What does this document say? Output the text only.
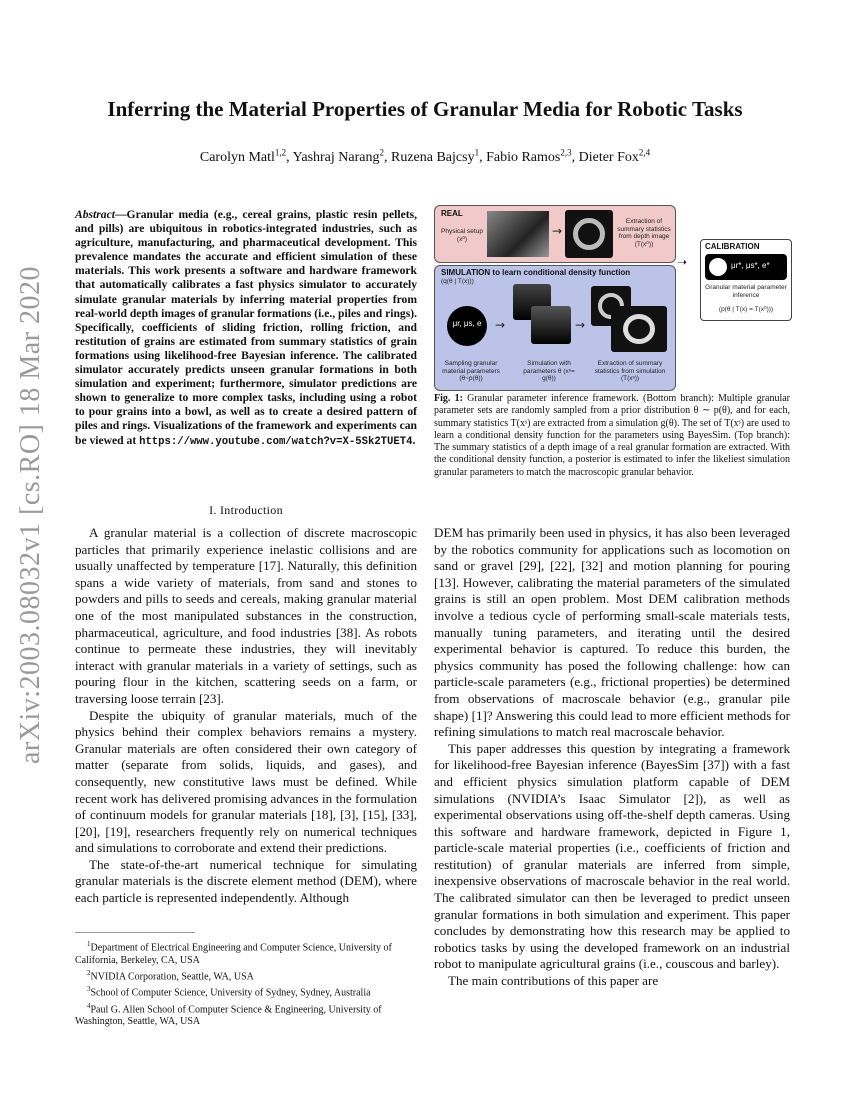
arXiv:2003.08032v1 [cs.RO] 18 Mar 2020
Inferring the Material Properties of Granular Media for Robotic Tasks
Carolyn Matl$^{1,2}$, Yashraj Narang$^2$, Ruzena Bajcsy$^1$, Fabio Ramos$^{2,3}$, Dieter Fox$^{2,4}$
Abstract—Granular media (e.g., cereal grains, plastic resin pellets, and pills) are ubiquitous in robotics-integrated industries, such as agriculture, manufacturing, and pharmaceutical development. This prevalence mandates the accurate and efficient simulation of these materials. This work presents a software and hardware framework that automatically calibrates a fast physics simulator to accurately simulate granular materials by inferring material properties from real-world depth images of granular formations (i.e., piles and rings). Specifically, coefficients of sliding friction, rolling friction, and restitution of grains are estimated from summary statistics of grain formations using likelihood-free Bayesian inference. The calibrated simulator accurately predicts unseen granular formations in both simulation and experiment; furthermore, simulator predictions are shown to generalize to more complex tasks, including using a robot to pour grains into a bowl, as well as to create a desired pattern of piles and rings. Visualizations of the framework and experiments can be viewed at https://www.youtube.com/watch?v=X-5Sk2TUET4.
REAL
Physical setup (x⁰)
→
Extraction of summary statistics from depth image (T(x⁰))
SIMULATION to learn conditional density function
(q(θ | T(x)))
μr, μs, e	→	→
Sampling granular material parameters (θ~p(θ))
Simulation with parameters θ (xˢ= g(θ))
Extraction of summary statistics from simulation (T(xˢ))
➝
CALIBRATION
μr*, μs*, e*
Granular material parameter inference
(p(θ | T(x) = T(x⁰)))
Fig. 1: Granular parameter inference framework. (Bottom branch): Multiple granular parameter sets are randomly sampled from a prior distribution θ ∼ p(θ), and for each, summary statistics T(xˢ) are extracted from a simulation g(θ). The set of T(xˢ) are used to learn a conditional density function for the parameters using BayesSim. (Top branch): The summary statistics of a depth image of a real granular formation are extracted. With the conditional density function, a posterior is estimated to infer the likeliest simulation granular parameters to match the macroscopic granular behavior.
I. Introduction

A granular material is a collection of discrete macroscopic particles that primarily experience inelastic collisions and are usually unaffected by temperature [17]. Naturally, this definition spans a wide variety of materials, from sand and stones to powders and pills to seeds and cereals, making granular material one of the most manipulated substances in the construction, pharmaceutical, agriculture, and food industries [38]. As robots continue to permeate these industries, they will inevitably interact with granular materials in a variety of settings, such as pouring flour in the kitchen, scattering seeds on a farm, or traversing loose terrain [23].

Despite the ubiquity of granular materials, much of the physics behind their complex behaviors remains a mystery. Granular materials are often considered their own category of matter (separate from solids, liquids, and gases), and consequently, new constitutive laws must be defined. While recent work has delivered promising advances in the formulation of continuum models for granular materials [18], [3], [15], [33], [20], [19], researchers frequently rely on numerical techniques and simulations to corroborate and extend their predictions.

The state-of-the-art numerical technique for simulating granular materials is the discrete element method (DEM), where each particle is represented independently. Although

DEM has primarily been used in physics, it has also been leveraged by the robotics community for applications such as locomotion on sand or gravel [29], [22], [32] and motion planning for pouring [13]. However, calibrating the material parameters of the simulated grains is still an open problem. Most DEM calibration methods involve a tedious cycle of performing small-scale materials tests, manually tuning parameters, and iterating until the desired experimental behavior is captured. To reduce this burden, the physics community has posed the following challenge: how can particle-scale parameters (e.g., frictional properties) be determined from observations of macroscale behavior (e.g., granular pile shape) [1]? Answering this could lead to more efficient methods for refining simulations to match real macroscale behavior.

This paper addresses this question by integrating a framework for likelihood-free Bayesian inference (BayesSim [37]) with a fast and efficient physics simulation platform capable of DEM simulations (NVIDIA’s Isaac Simulator [2]), as well as experimental observations using off-the-shelf depth cameras. Using this software and hardware framework, depicted in Figure 1, particle-scale material properties (i.e., coefficients of friction and restitution) of granular materials are inferred from simple, inexpensive observations of macroscale behavior in the real world. The calibrated simulator can then be leveraged to predict unseen granular formations in both simulation and experiment. This paper concludes by demonstrating how this research may be applied to robotics tasks by using the developed framework on an industrial robot to manipulate agricultural grains (i.e., couscous and barley).

The main contributions of this paper are

$^1$Department of Electrical Engineering and Computer Science, University of California, Berkeley, CA, USA
$^2$NVIDIA Corporation, Seattle, WA, USA
$^3$School of Computer Science, University of Sydney, Sydney, Australia
$^4$Paul G. Allen School of Computer Science & Engineering, University of Washington, Seattle, WA, USA
